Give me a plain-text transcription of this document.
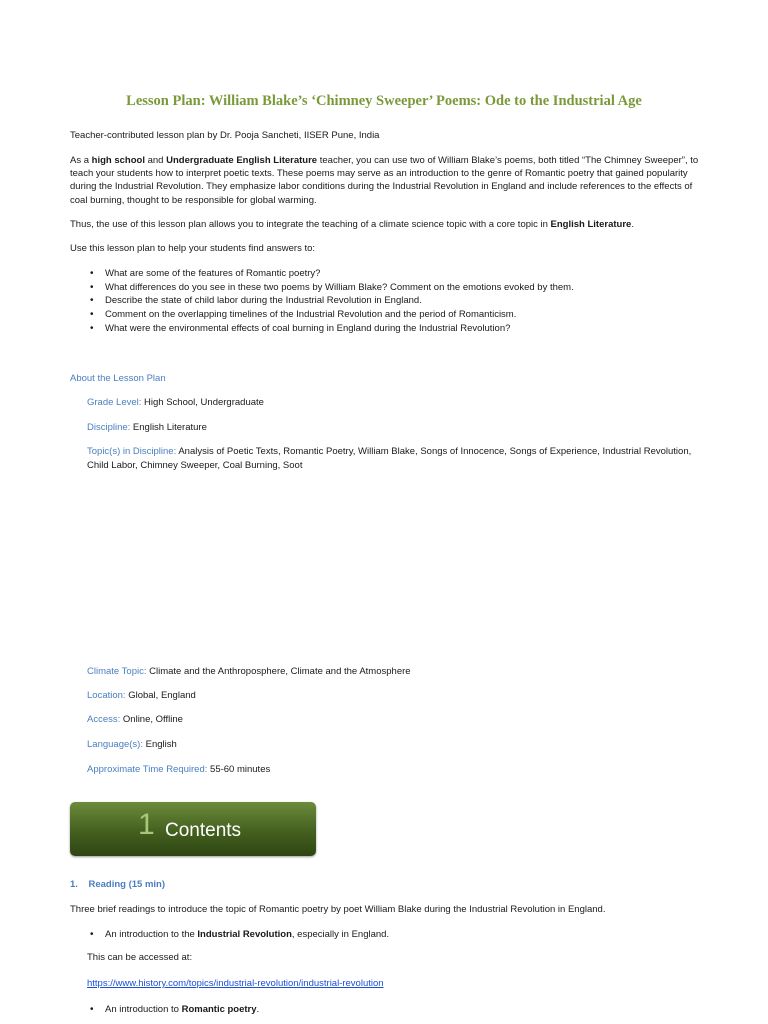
Lesson Plan: William Blake’s ‘Chimney Sweeper’ Poems: Ode to the Industrial Age
Teacher-contributed lesson plan by Dr. Pooja Sancheti, IISER Pune, India
As a high school and Undergraduate English Literature teacher, you can use two of William Blake’s poems, both titled “The Chimney Sweeper”, to teach your students how to interpret poetic texts. These poems may serve as an introduction to the genre of Romantic poetry that gained popularity during the Industrial Revolution. They emphasize labor conditions during the Industrial Revolution in England and include references to the effects of coal burning, thought to be responsible for global warming.
Thus, the use of this lesson plan allows you to integrate the teaching of a climate science topic with a core topic in English Literature.
Use this lesson plan to help your students find answers to:
• What are some of the features of Romantic poetry?
• What differences do you see in these two poems by William Blake? Comment on the emotions evoked by them.
• Describe the state of child labor during the Industrial Revolution in England.
• Comment on the overlapping timelines of the Industrial Revolution and the period of Romanticism.
• What were the environmental effects of coal burning in England during the Industrial Revolution?
About the Lesson Plan
Grade Level: High School, Undergraduate
Discipline: English Literature
Topic(s) in Discipline: Analysis of Poetic Texts, Romantic Poetry, William Blake, Songs of Innocence, Songs of Experience, Industrial Revolution, Child Labor, Chimney Sweeper, Coal Burning, Soot
Climate Topic: Climate and the Anthroposphere, Climate and the Atmosphere
Location: Global, England
Access: Online, Offline
Language(s): English
Approximate Time Required: 55-60 minutes
1 Contents
1.    Reading (15 min)
Three brief readings to introduce the topic of Romantic poetry by poet William Blake during the Industrial Revolution in England.
• An introduction to the Industrial Revolution, especially in England.
This can be accessed at:
https://www.history.com/topics/industrial-revolution/industrial-revolution
• An introduction to Romantic poetry.
